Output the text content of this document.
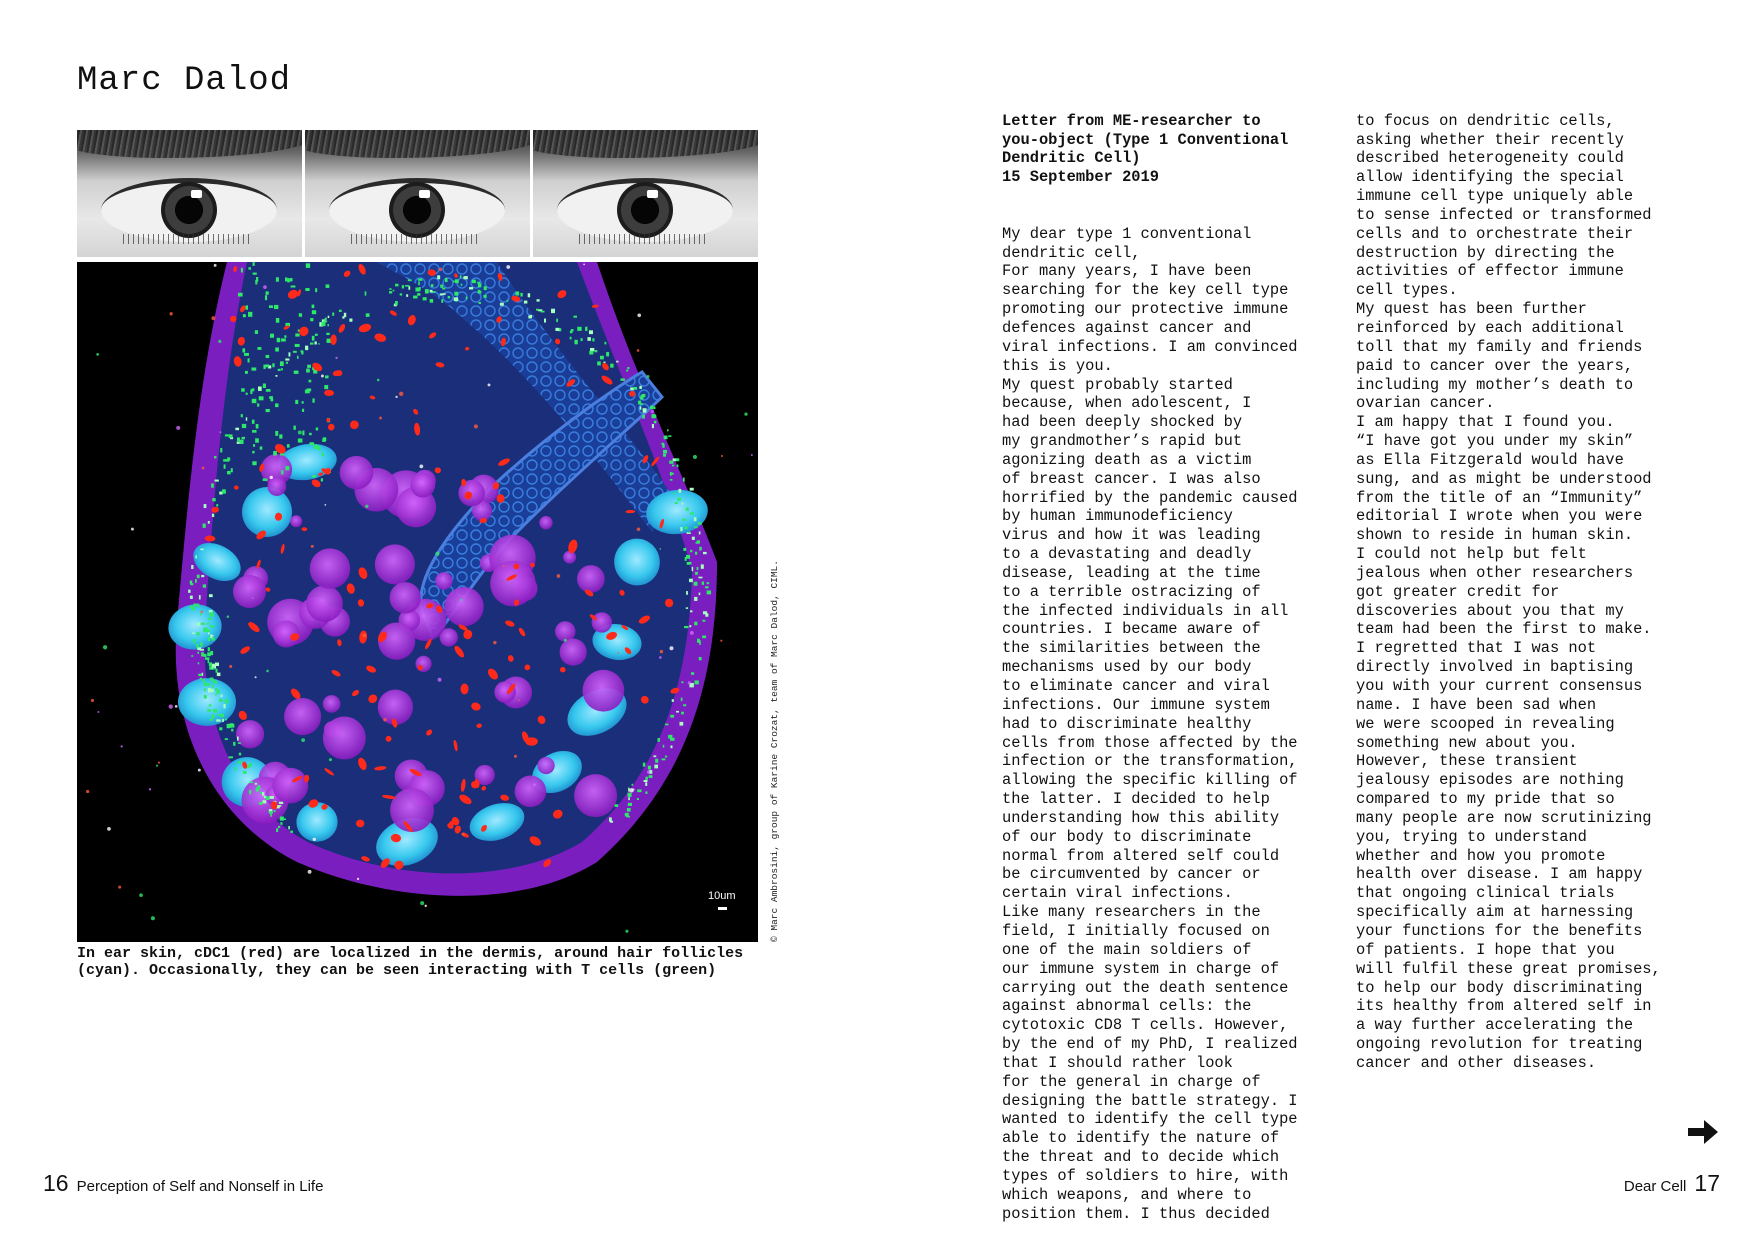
Marc Dalod
10um	© Marc Ambrosini, group of Karine Crozat, team of Marc Dalod, CIML.

In ear skin, cDC1 (red) are localized in the dermis, around hair follicles (cyan). Occasionally, they can be seen interacting with T cells (green)

Letter from ME-researcher to
you-object (Type 1 Conventional
Dendritic Cell)
15 September 2019

My dear type 1 conventional
dendritic cell,
For many years, I have been
searching for the key cell type
promoting our protective immune
defences against cancer and
viral infections. I am convinced
this is you.
My quest probably started
because, when adolescent, I
had been deeply shocked by
my grandmother’s rapid but
agonizing death as a victim
of breast cancer. I was also
horrified by the pandemic caused
by human immunodeficiency
virus and how it was leading
to a devastating and deadly
disease, leading at the time
to a terrible ostracizing of
the infected individuals in all
countries. I became aware of
the similarities between the
mechanisms used by our body
to eliminate cancer and viral
infections. Our immune system
had to discriminate healthy
cells from those affected by the
infection or the transformation,
allowing the specific killing of
the latter. I decided to help
understanding how this ability
of our body to discriminate
normal from altered self could
be circumvented by cancer or
certain viral infections.
Like many researchers in the
field, I initially focused on
one of the main soldiers of
our immune system in charge of
carrying out the death sentence
against abnormal cells: the
cytotoxic CD8 T cells. However,
by the end of my PhD, I realized
that I should rather look
for the general in charge of
designing the battle strategy. I
wanted to identify the cell type
able to identify the nature of
the threat and to decide which
types of soldiers to hire, with
which weapons, and where to
position them. I thus decided

to focus on dendritic cells,
asking whether their recently
described heterogeneity could
allow identifying the special
immune cell type uniquely able
to sense infected or transformed
cells and to orchestrate their
destruction by directing the
activities of effector immune
cell types.
My quest has been further
reinforced by each additional
toll that my family and friends
paid to cancer over the years,
including my mother’s death to
ovarian cancer.
I am happy that I found you.
“I have got you under my skin”
as Ella Fitzgerald would have
sung, and as might be understood
from the title of an “Immunity”
editorial I wrote when you were
shown to reside in human skin.
I could not help but felt
jealous when other researchers
got greater credit for
discoveries about you that my
team had been the first to make.
I regretted that I was not
directly involved in baptising
you with your current consensus
name. I have been sad when
we were scooped in revealing
something new about you.
However, these transient
jealousy episodes are nothing
compared to my pride that so
many people are now scrutinizing
you, trying to understand
whether and how you promote
health over disease. I am happy
that ongoing clinical trials
specifically aim at harnessing
your functions for the benefits
of patients. I hope that you
will fulfil these great promises,
to help our body discriminating
its healthy from altered self in
a way further accelerating the
ongoing revolution for treating
cancer and other diseases.

16 Perception of Self and Nonself in Life	Dear Cell 17
